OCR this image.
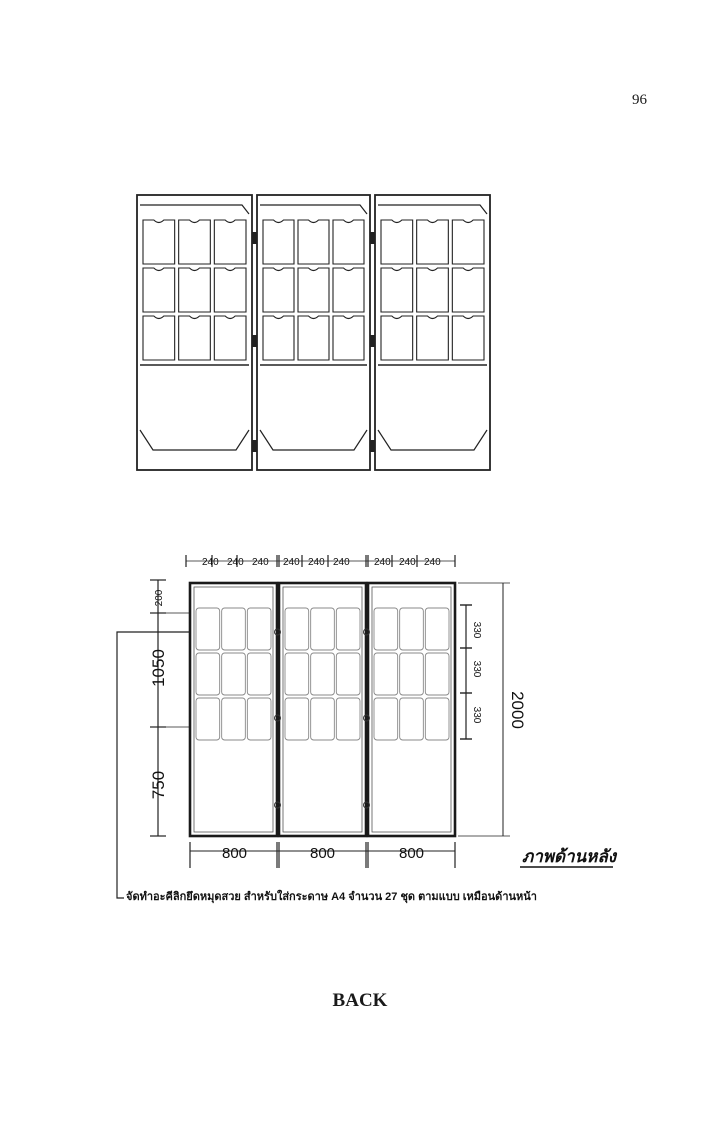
96
240 240 240 240 240 240 240 240 240
200
1050
750
330
330
330 2000
800	800	800	ภาพด้านหลัง
จัดทำอะคีลิกยึดหมุดสวย สำหรับใส่กระดาษ A4 จำนวน 27 ชุด ตามแบบ เหมือนด้านหน้า
BACK
